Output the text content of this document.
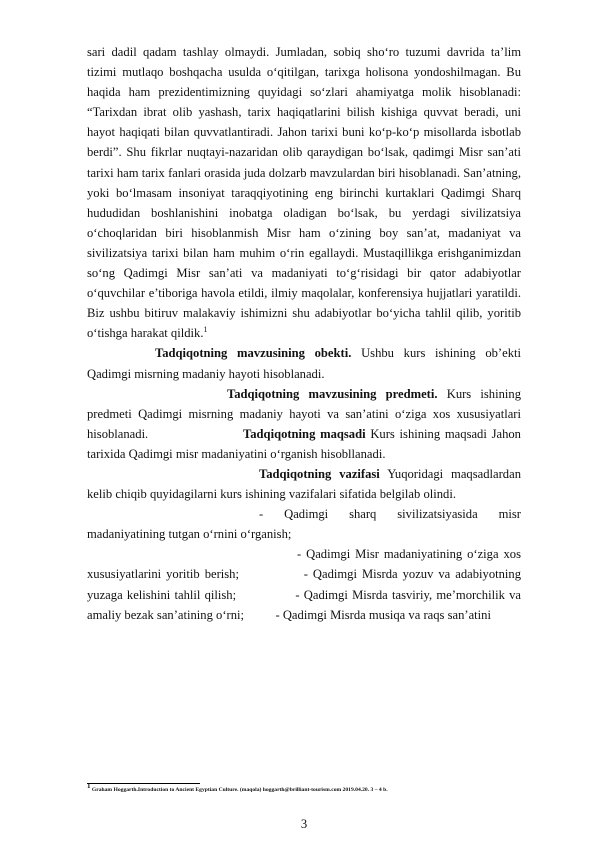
sari dadil qadam tashlay olmaydi. Jumladan, sobiq sho‘ro tuzumi davrida ta’lim tizimi mutlaqo boshqacha usulda o‘qitilgan, tarixga holisona yondoshilmagan. Bu haqida ham prezidentimizning quyidagi so‘zlari ahamiyatga molik hisoblanadi: “Tarixdan ibrat olib yashash, tarix haqiqatlarini bilish kishiga quvvat beradi, uni hayot haqiqati bilan quvvatlantiradi. Jahon tarixi buni ko‘p-ko‘p misollarda isbotlab berdi”. Shu fikrlar nuqtayi-nazaridan olib qaraydigan bo‘lsak, qadimgi Misr san’ati tarixi ham tarix fanlari orasida juda dolzarb mavzulardan biri hisoblanadi. San’atning, yoki bo‘lmasam insoniyat taraqqiyotining eng birinchi kurtaklari Qadimgi Sharq hududidan boshlanishini inobatga oladigan bo‘lsak, bu yerdagi sivilizatsiya o‘choqlaridan biri hisoblanmish Misr ham o‘zining boy san’at, madaniyat va sivilizatsiya tarixi bilan ham muhim o‘rin egallaydi. Mustaqillikga erishganimizdan so‘ng Qadimgi Misr san’ati va madaniyati to‘g‘risidagi bir qator adabiyotlar o‘quvchilar e’tiboriga havola etildi, ilmiy maqolalar, konferensiya hujjatlari yaratildi. Biz ushbu bitiruv malakaviy ishimizni shu adabiyotlar bo‘yicha tahlil qilib, yoritib o‘tishga harakat qildik.$^1$

Tadqiqotning mavzusining obekti. Ushbu kurs ishining ob’ekti Qadimgi misrning madaniy hayoti hisoblanadi.

Tadqiqotning mavzusining predmeti. Kurs ishining predmeti Qadimgi misrning madaniy hayoti va san’atini o‘ziga xos xususiyatlari hisoblanadi.	Tadqiqotning maqsadi Kurs ishining maqsadi Jahon tarixida Qadimgi misr madaniyatini o‘rganish hisobllanadi.

Tadqiqotning vazifasi Yuqoridagi maqsadlardan kelib chiqib quyidagilarni kurs ishining vazifalari sifatida belgilab olindi.

- Qadimgi sharq sivilizatsiyasida misr madaniyatining tutgan o‘rnini o‘rganish;

- Qadimgi Misr madaniyatining o‘ziga xos xususiyatlarini yoritib berish;             - Qadimgi Misrda yozuv va adabiyotning yuzaga kelishini tahlil qilish;              - Qadimgi Misrda tasviriy, me’morchilik va amaliy bezak san’atining o‘rni;          - Qadimgi Misrda musiqa va raqs san’atini

$^1$ Graham Hoggarth.Introduction to Ancient Egyptian Culture. (maqola) hoggarth@brilliant-tourism.com 2019.04.20. 3 – 4 b.
3
